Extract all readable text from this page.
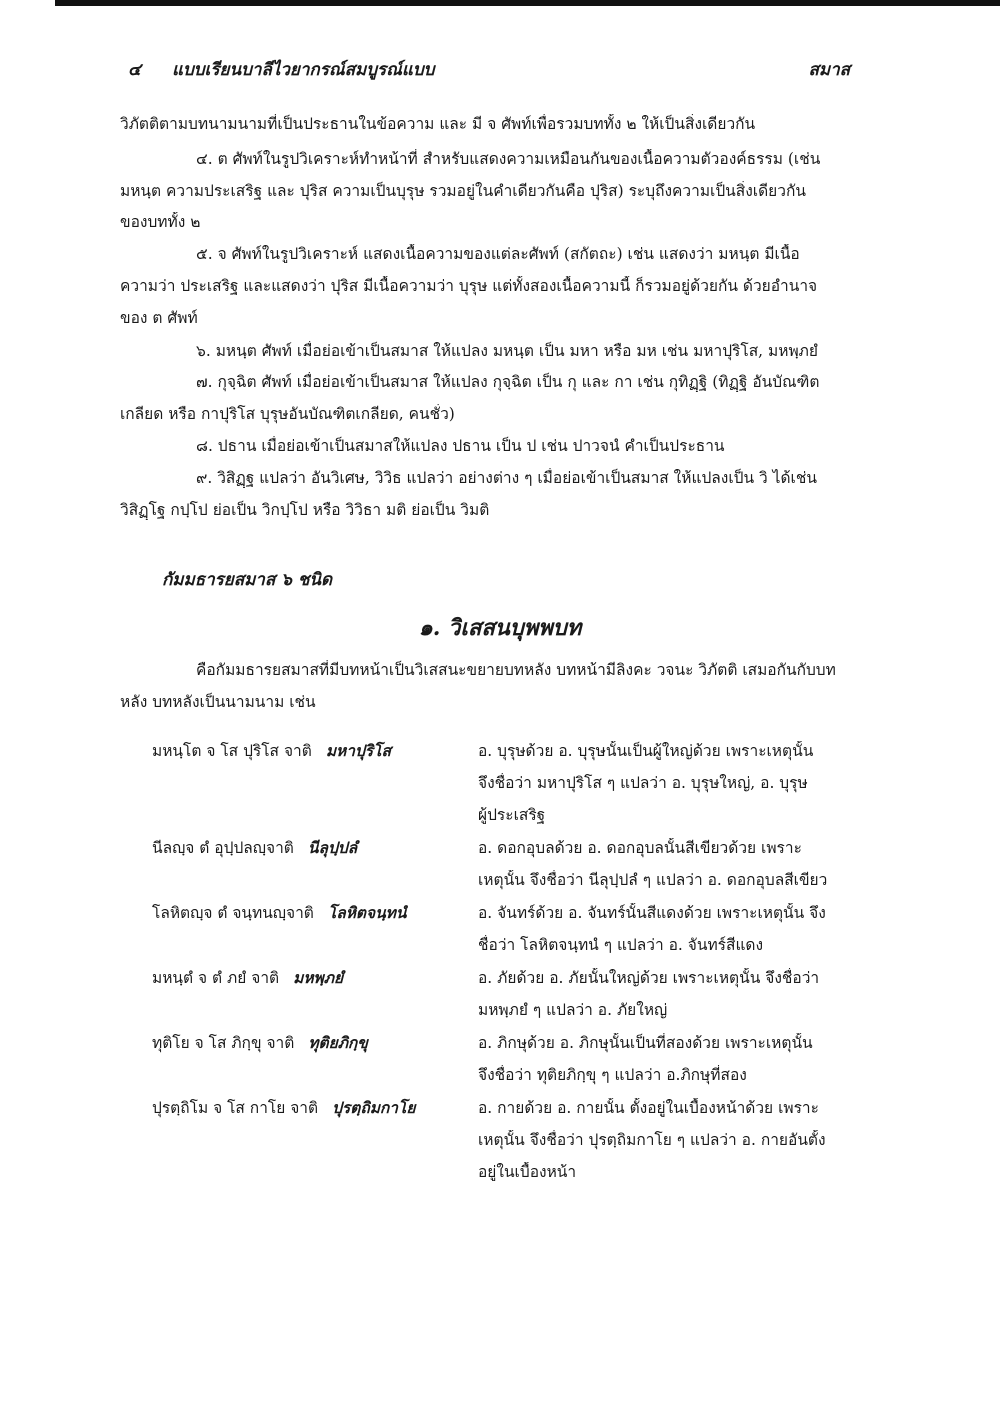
๔ แบบเรียนบาลีไวยากรณ์สมบูรณ์แบบ	สมาส
วิภัตติตามบทนามนามที่เป็นประธานในข้อความ และ มี จ ศัพท์เพื่อรวมบททั้ง ๒ ให้เป็นสิ่งเดียวกัน
๔. ต ศัพท์ในรูปวิเคราะห์ทำหน้าที่ สำหรับแสดงความเหมือนกันของเนื้อความตัวองค์ธรรม (เช่น
มหนฺต ความประเสริฐ และ ปุริส ความเป็นบุรุษ รวมอยู่ในคำเดียวกันคือ ปุริส) ระบุถึงความเป็นสิ่งเดียวกัน
ของบททั้ง ๒
๕. จ ศัพท์ในรูปวิเคราะห์ แสดงเนื้อความของแต่ละศัพท์ (สกัตถะ) เช่น แสดงว่า มหนฺต มีเนื้อ
ความว่า ประเสริฐ และแสดงว่า ปุริส มีเนื้อความว่า บุรุษ แต่ทั้งสองเนื้อความนี้ ก็รวมอยู่ด้วยกัน ด้วยอำนาจ
ของ ต ศัพท์
๖. มหนฺต ศัพท์ เมื่อย่อเข้าเป็นสมาส ให้แปลง มหนฺต เป็น มหา หรือ มห เช่น มหาปุริโส, มหพฺภยํ
๗. กุจฺฉิต ศัพท์ เมื่อย่อเข้าเป็นสมาส ให้แปลง กุจฺฉิต เป็น กุ และ กา เช่น กุทิฏฺฐิ (ทิฏฺฐิ อันบัณฑิต
เกลียด หรือ กาปุริโส บุรุษอันบัณฑิตเกลียด, คนชั่ว)
๘. ปธาน เมื่อย่อเข้าเป็นสมาสให้แปลง ปธาน เป็น ป เช่น ปาวจนํ คำเป็นประธาน
๙. วิสิฏฺฐ แปลว่า อันวิเศษ, วิวิธ แปลว่า อย่างต่าง ๆ เมื่อย่อเข้าเป็นสมาส ให้แปลงเป็น วิ ได้เช่น
วิสิฏฺโฐ กปฺโป ย่อเป็น วิกปฺโป หรือ วิวิธา มติ ย่อเป็น วิมติ
กัมมธารยสมาส ๖ ชนิด
๑. วิเสสนบุพพบท
คือกัมมธารยสมาสที่มีบทหน้าเป็นวิเสสนะขยายบทหลัง บทหน้ามีลิงคะ วจนะ วิภัตติ เสมอกันกับบท
หลัง บทหลังเป็นนามนาม เช่น
มหนฺโต จ โส ปุริโส จาติ มหาปุริโส	อ. บุรุษด้วย อ. บุรุษนั้นเป็นผู้ใหญ่ด้วย เพราะเหตุนั้น
จึงชื่อว่า มหาปุริโส ๆ แปลว่า อ. บุรุษใหญ่, อ. บุรุษ
ผู้ประเสริฐ
นีลญฺจ ตํ อุปฺปลญฺจาติ นีลุปฺปลํ	อ. ดอกอุบลด้วย อ. ดอกอุบลนั้นสีเขียวด้วย เพราะ
เหตุนั้น จึงชื่อว่า นีลุปฺปลํ ๆ แปลว่า อ. ดอกอุบลสีเขียว
โลหิตญฺจ ตํ จนฺทนญฺจาติ โลหิตจนฺทนํ	อ. จันทร์ด้วย อ. จันทร์นั้นสีแดงด้วย เพราะเหตุนั้น จึง
ชื่อว่า โลหิตจนฺทนํ ๆ แปลว่า อ. จันทร์สีแดง
มหนฺตํ จ ตํ ภยํ จาติ มหพฺภยํ	อ. ภัยด้วย อ. ภัยนั้นใหญ่ด้วย เพราะเหตุนั้น จึงชื่อว่า
มหพฺภยํ ๆ แปลว่า อ. ภัยใหญ่
ทุติโย จ โส ภิกฺขุ จาติ ทุติยภิกฺขุ	อ. ภิกษุด้วย อ. ภิกษุนั้นเป็นที่สองด้วย เพราะเหตุนั้น
จึงชื่อว่า ทุติยภิกฺขุ ๆ แปลว่า อ.ภิกษุที่สอง
ปุรตฺถิโม จ โส กาโย จาติ ปุรตฺถิมกาโย	อ. กายด้วย อ. กายนั้น ตั้งอยู่ในเบื้องหน้าด้วย เพราะ
เหตุนั้น จึงชื่อว่า ปุรตฺถิมกาโย ๆ แปลว่า อ. กายอันตั้ง
อยู่ในเบื้องหน้า
